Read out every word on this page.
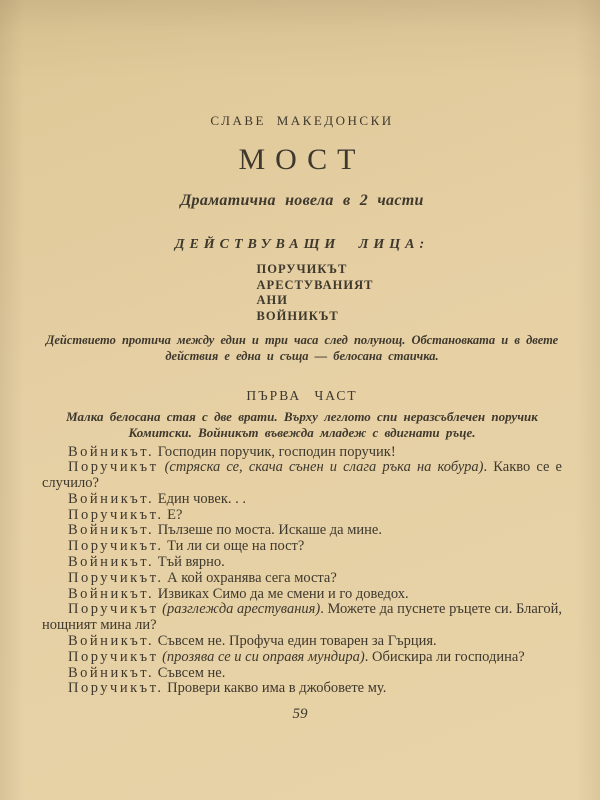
СЛАВЕ МАКЕДОНСКИ
МОСТ
Драматична новела в 2 части
ДЕЙСТВУВАЩИ ЛИЦА:
ПОРУЧИКЪТ
АРЕСТУВАНИЯТ
АНИ
ВОЙНИКЪТ
Действието протича между един и три часа след полунощ. Обстановката и в двете действия е една и съща — белосана стаичка.
ПЪРВА ЧАСТ
Малка белосана стая с две врати. Върху леглото спи неразсъблечен поручик Комитски. Войникът въвежда младеж с вдигнати ръце.

Войникът. Господин поручик, господин поручик!

Поручикът (стряска се, скача сънен и слага ръка на кобура). Какво се е случило?

Войникът. Един човек. . .

Поручикът. Е?

Войникът. Пълзеше по моста. Искаше да мине.

Поручикът. Ти ли си още на пост?

Войникът. Тъй вярно.

Поручикът. А кой охранява сега моста?

Войникът. Извиках Симо да ме смени и го доведох.

Поручикът (разглежда арестувания). Можете да пуснете ръцете си. Благой, нощният мина ли?

Войникът. Съвсем не. Профуча един товарен за Гърция.

Поручикът (прозява се и си оправя мундира). Обискира ли господина?

Войникът. Съвсем не.

Поручикът. Провери какво има в джобовете му.

59
